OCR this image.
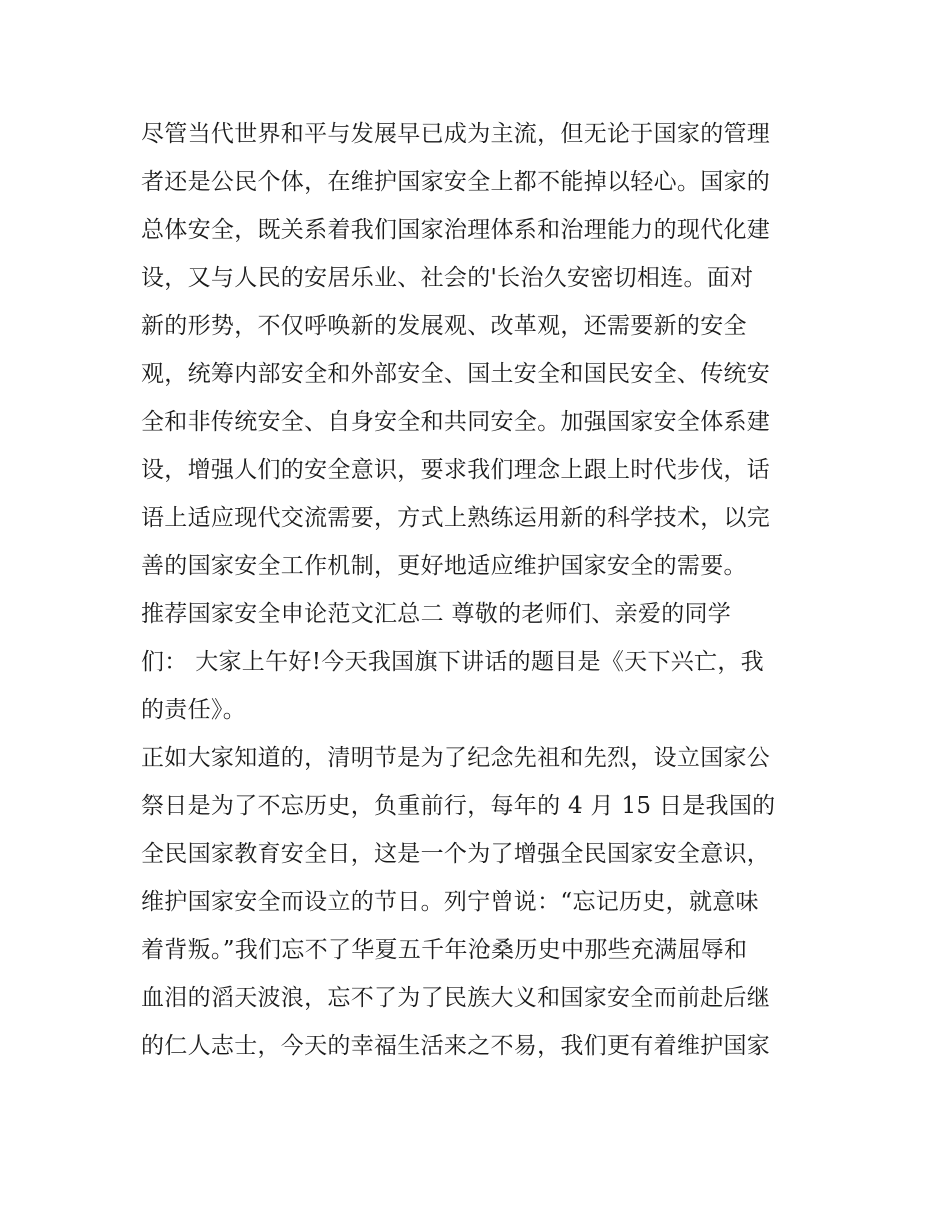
尽管当代世界和平与发展早已成为主流，但无论于国家的管理
者还是公民个体，在维护国家安全上都不能掉以轻心。国家的
总体安全，既关系着我们国家治理体系和治理能力的现代化建
设，又与人民的安居乐业、社会的'长治久安密切相连。面对
新的形势，不仅呼唤新的发展观、改革观，还需要新的安全
观，统筹内部安全和外部安全、国土安全和国民安全、传统安
全和非传统安全、自身安全和共同安全。加强国家安全体系建
设，增强人们的安全意识，要求我们理念上跟上时代步伐，话
语上适应现代交流需要，方式上熟练运用新的科学技术，以完
善的国家安全工作机制，更好地适应维护国家安全的需要。
推荐国家安全申论范文汇总二 尊敬的老师们、亲爱的同学
们： 大家上午好!今天我国旗下讲话的题目是《天下兴亡，我
的责任》。
正如大家知道的，清明节是为了纪念先祖和先烈，设立国家公
祭日是为了不忘历史，负重前行，每年的 4 月 15 日是我国的
全民国家教育安全日，这是一个为了增强全民国家安全意识，
维护国家安全而设立的节日。列宁曾说：“忘记历史，就意味
着背叛。”我们忘不了华夏五千年沧桑历史中那些充满屈辱和
血泪的滔天波浪，忘不了为了民族大义和国家安全而前赴后继
的仁人志士，今天的幸福生活来之不易，我们更有着维护国家
